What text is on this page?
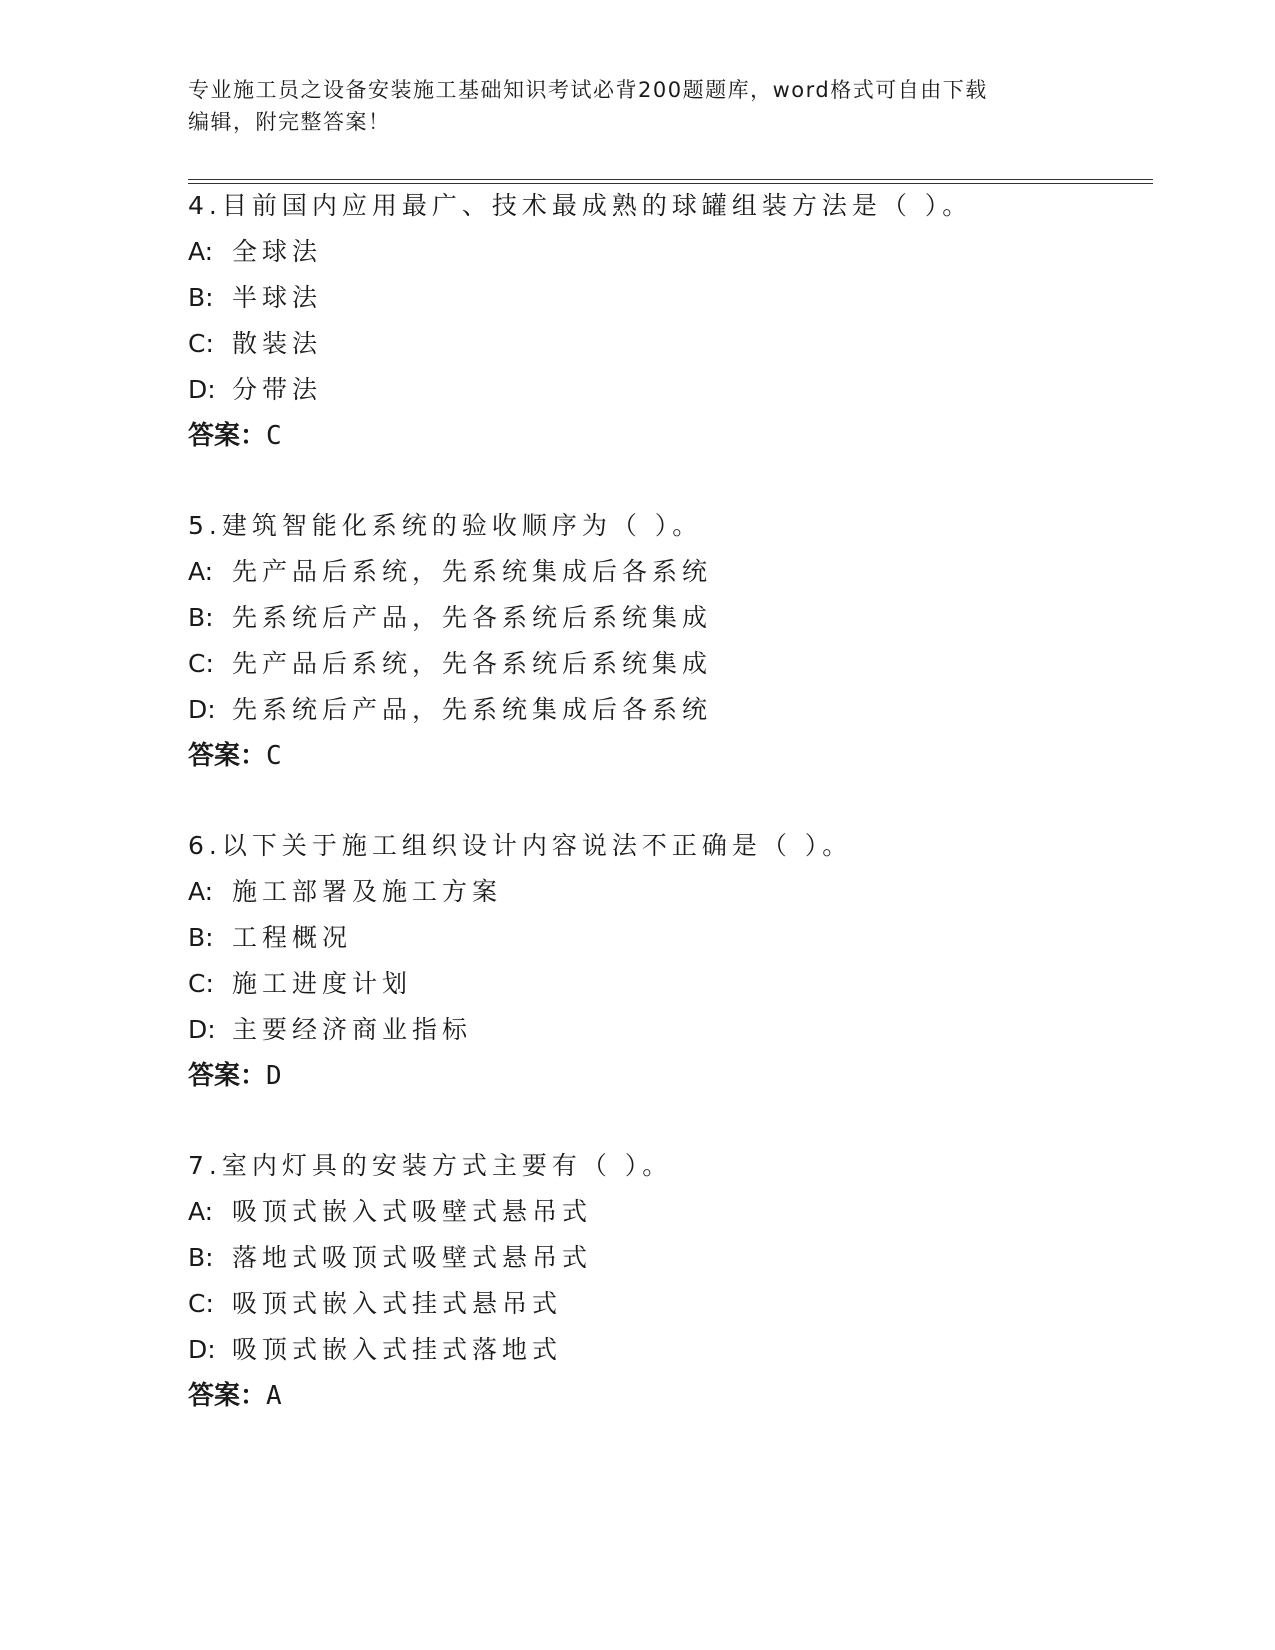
专业施工员之设备安装施工基础知识考试必背200题题库，word格式可自由下载
编辑，附完整答案！
4.目前国内应用最广、技术最成熟的球罐组装方法是（ ）。
A: 全球法
B: 半球法
C: 散装法
D: 分带法
答案：C
5.建筑智能化系统的验收顺序为（ ）。
A: 先产品后系统，先系统集成后各系统
B: 先系统后产品，先各系统后系统集成
C: 先产品后系统，先各系统后系统集成
D: 先系统后产品，先系统集成后各系统
答案：C
6.以下关于施工组织设计内容说法不正确是（ ）。
A: 施工部署及施工方案
B: 工程概况
C: 施工进度计划
D: 主要经济商业指标
答案：D
7.室内灯具的安装方式主要有（ ）。
A: 吸顶式嵌入式吸壁式悬吊式
B: 落地式吸顶式吸壁式悬吊式
C: 吸顶式嵌入式挂式悬吊式
D: 吸顶式嵌入式挂式落地式
答案：A
